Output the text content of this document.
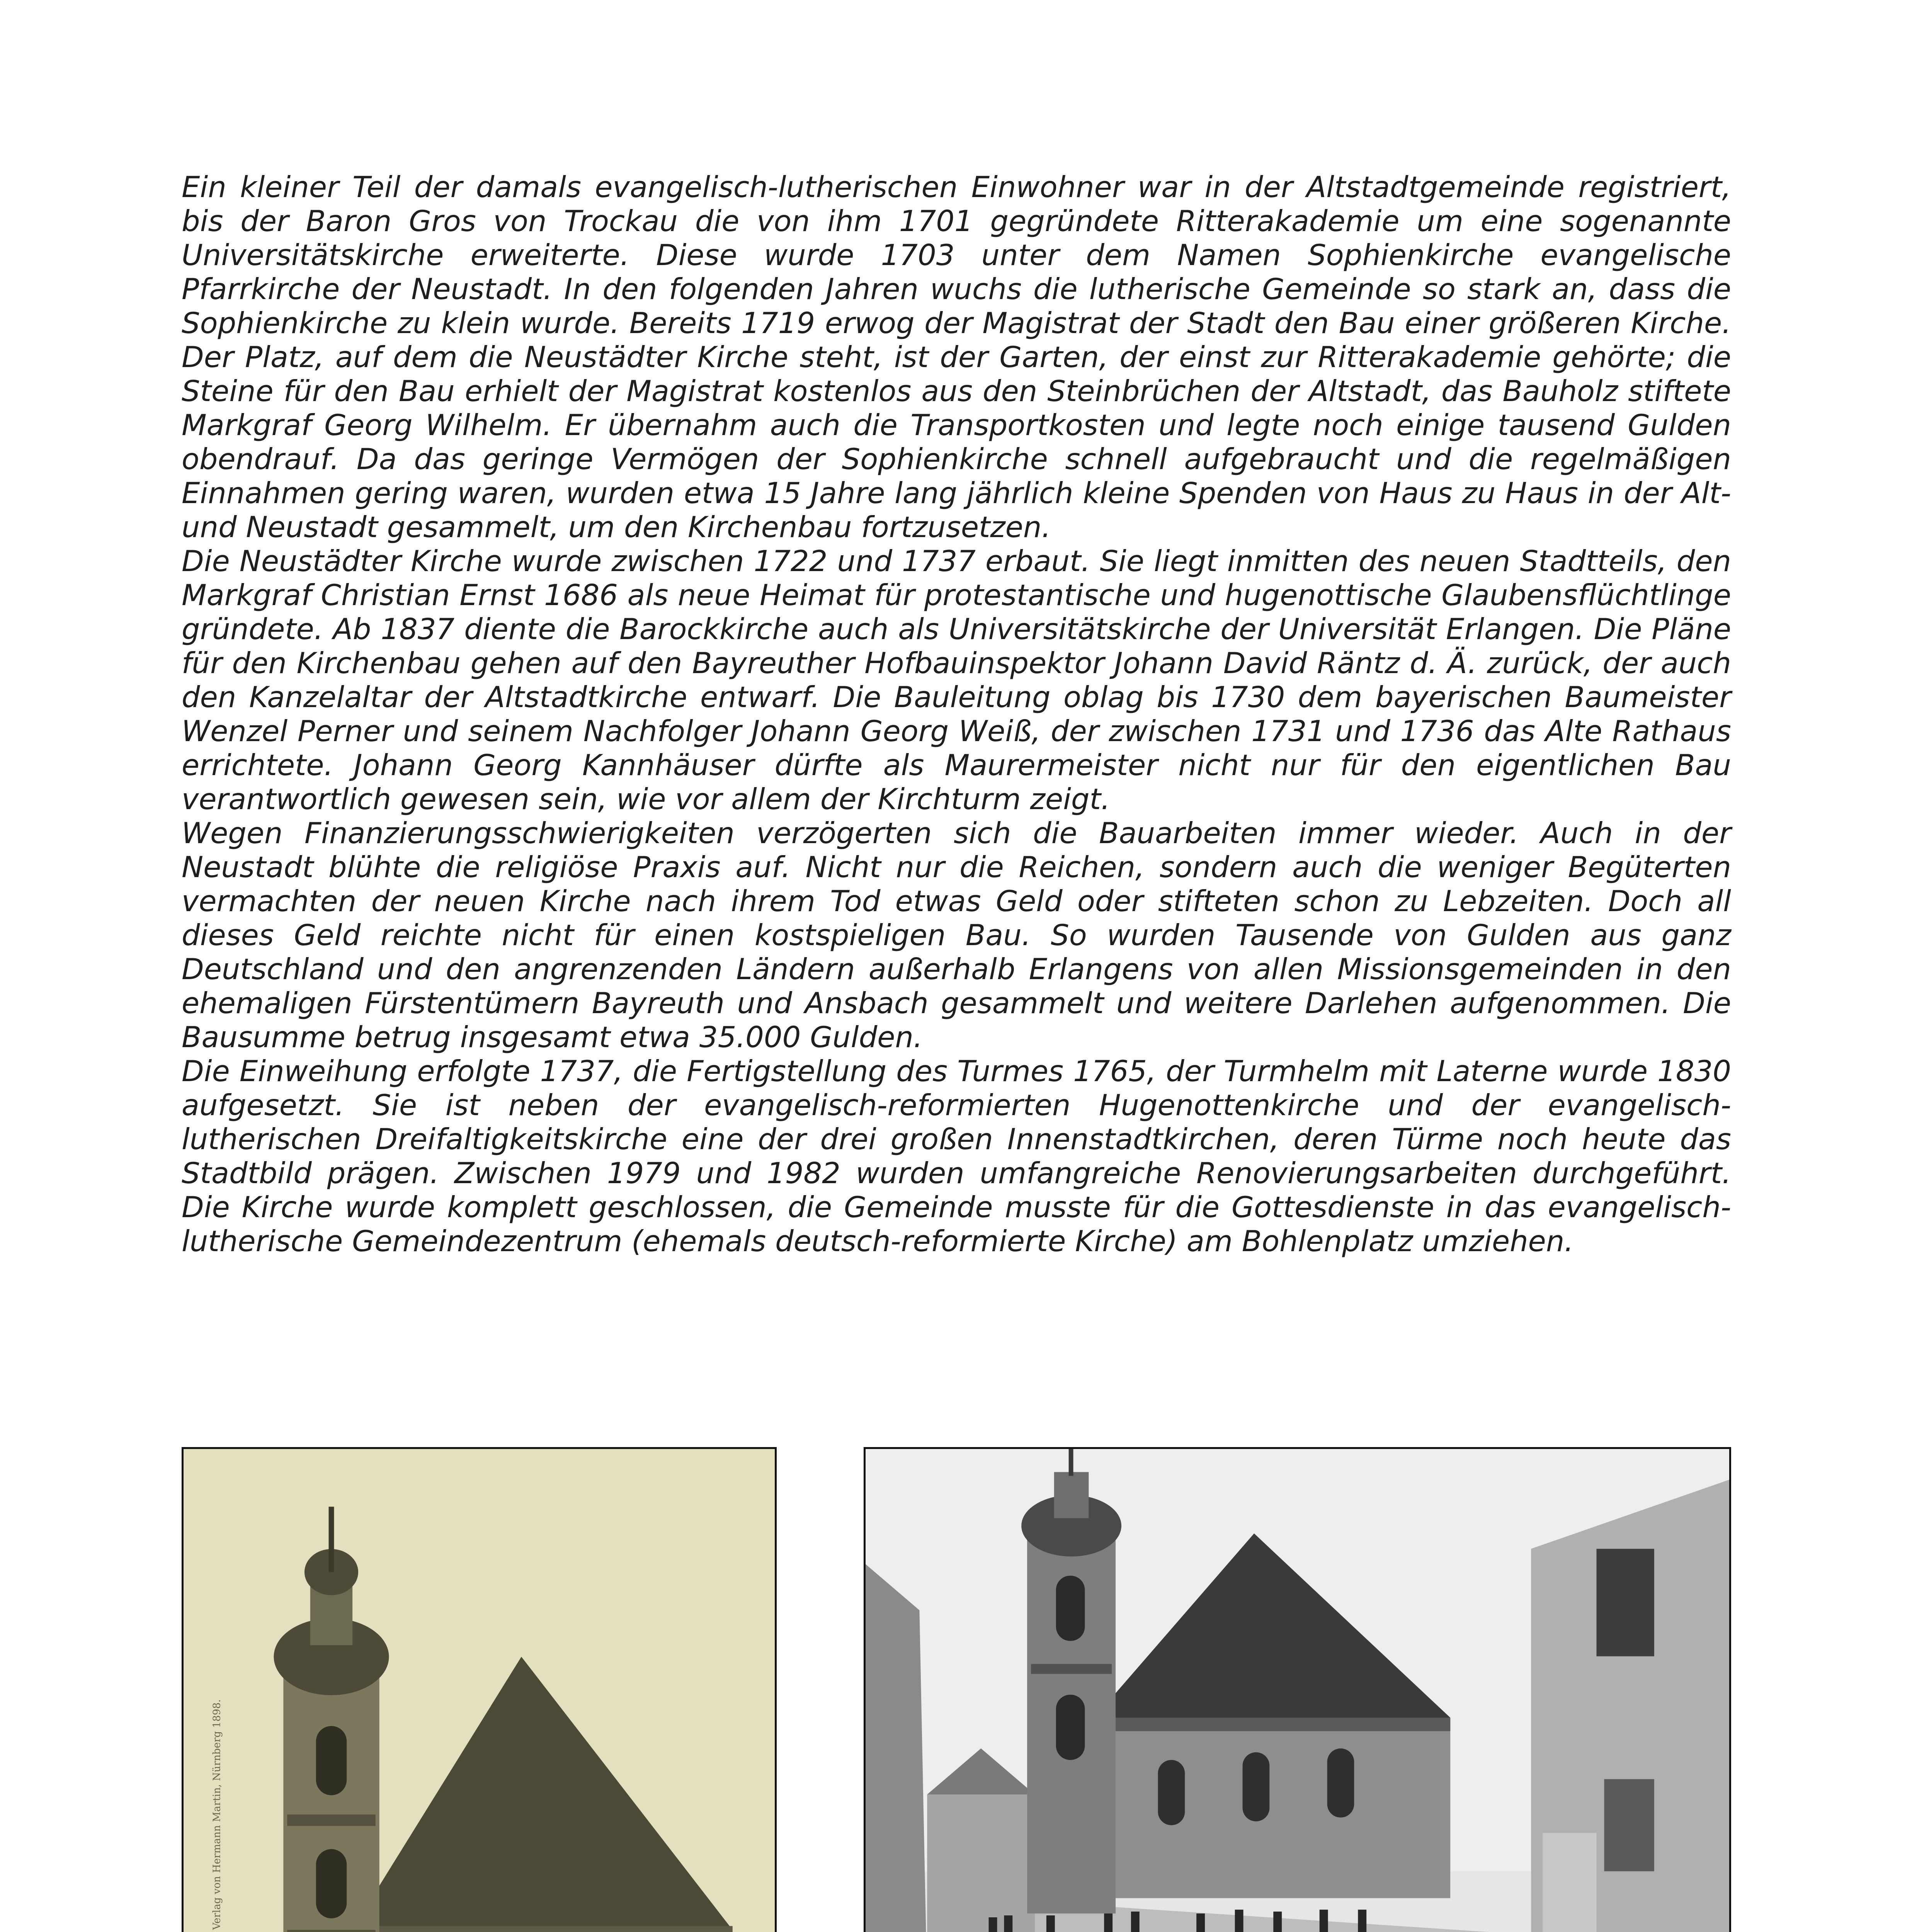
Ein kleiner Teil der damals evangelisch-lutherischen Einwohner war in der Altstadtgemeinde registriert, bis der Baron Gros von Trockau die von ihm 1701 gegründete Ritterakademie um eine sogenannte Universitätskirche erweiterte. Diese wurde 1703 unter dem Namen Sophienkirche evangelische Pfarrkirche der Neustadt. In den folgenden Jahren wuchs die lutherische Gemeinde so stark an, dass die Sophienkirche zu klein wurde. Bereits 1719 erwog der Magistrat der Stadt den Bau einer größeren Kirche. Der Platz, auf dem die Neustädter Kirche steht, ist der Garten, der einst zur Ritterakademie gehörte; die Steine für den Bau erhielt der Magistrat kostenlos aus den Steinbrüchen der Altstadt, das Bauholz stiftete Markgraf Georg Wilhelm. Er übernahm auch die Transportkosten und legte noch einige tausend Gulden obendrauf. Da das geringe Vermögen der Sophienkirche schnell aufgebraucht und die regelmäßigen Einnahmen gering waren, wurden etwa 15 Jahre lang jährlich kleine Spenden von Haus zu Haus in der Alt- und Neustadt gesammelt, um den Kirchenbau fortzusetzen.

Die Neustädter Kirche wurde zwischen 1722 und 1737 erbaut. Sie liegt inmitten des neuen Stadtteils, den Markgraf Christian Ernst 1686 als neue Heimat für protestantische und hugenottische Glaubensflüchtlinge gründete. Ab 1837 diente die Barockkirche auch als Universitätskirche der Universität Erlangen. Die Pläne für den Kirchenbau gehen auf den Bayreuther Hofbauinspektor Johann David Räntz d. Ä. zurück, der auch den Kanzelaltar der Altstadtkirche entwarf. Die Bauleitung oblag bis 1730 dem bayerischen Baumeister Wenzel Perner und seinem Nachfolger Johann Georg Weiß, der zwischen 1731 und 1736 das Alte Rathaus errichtete. Johann Georg Kannhäuser dürfte als Maurermeister nicht nur für den eigentlichen Bau verantwortlich gewesen sein, wie vor allem der Kirchturm zeigt.

Wegen Finanzierungsschwierigkeiten verzögerten sich die Bauarbeiten immer wieder. Auch in der Neustadt blühte die religiöse Praxis auf. Nicht nur die Reichen, sondern auch die weniger Begüterten vermachten der neuen Kirche nach ihrem Tod etwas Geld oder stifteten schon zu Lebzeiten. Doch all dieses Geld reichte nicht für einen kostspieligen Bau. So wurden Tausende von Gulden aus ganz Deutschland und den angrenzenden Ländern außerhalb Erlangens von allen Missionsgemeinden in den ehemaligen Fürstentümern Bayreuth und Ansbach gesammelt und weitere Darlehen aufgenommen. Die Bausumme betrug insgesamt etwa 35.000 Gulden.

Die Einweihung erfolgte 1737, die Fertigstellung des Turmes 1765, der Turmhelm mit Laterne wurde 1830 aufgesetzt. Sie ist neben der evangelisch-reformierten Hugenottenkirche und der evangelisch-lutherischen Dreifaltigkeitskirche eine der drei großen Innenstadtkirchen, deren Türme noch heute das Stadtbild prägen. Zwischen 1979 und 1982 wurden umfangreiche Renovierungsarbeiten durchgeführt. Die Kirche wurde komplett geschlossen, die Gemeinde musste für die Gottesdienste in das evangelisch-lutherische Gemeindezentrum (ehemals deutsch-reformierte Kirche) am Bohlenplatz umziehen.

Verlag von Hermann Martin, Nürnberg 1898.
